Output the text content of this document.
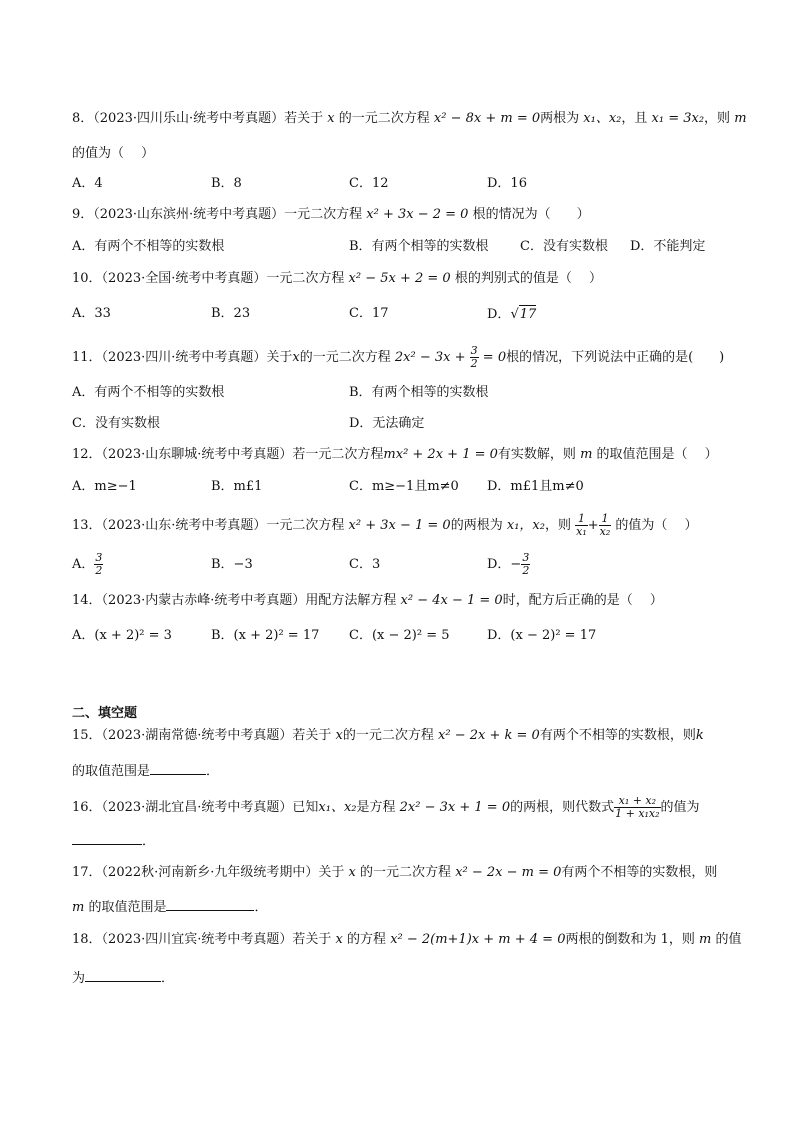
8．（2023·四川乐山·统考中考真题）若关于 x 的一元二次方程 x² − 8x + m = 0两根为 x₁、x₂，且 x₁ = 3x₂，则 m
的值为（　 ）
A．4	B．8	C．12	D．16
9．（2023·山东滨州·统考中考真题）一元二次方程 x² + 3x − 2 = 0 根的情况为（　　）
A．有两个不相等的实数根	B．有两个相等的实数根 C．没有实数根 D．不能判定
10．（2023·全国·统考中考真题）一元二次方程 x² − 5x + 2 = 0 根的判别式的值是（　 ）
A．33	B．23	C．17	D．√17
11．（2023·四川·统考中考真题）关于x的一元二次方程 $2x^2 - 3x + \frac{3}{2} = 0$根的情况，下列说法中正确的是(　　)
A．有两个不相等的实数根	B．有两个相等的实数根
C．没有实数根	D．无法确定
12．（2023·山东聊城·统考中考真题）若一元二次方程mx² + 2x + 1 = 0有实数解，则 m 的取值范围是（　 ）
A．m≥−1	B．m£1	C．m≥−1且m≠0 D．m£1且m≠0
13．（2023·山东·统考中考真题）一元二次方程 x² + 3x − 1 = 0的两根为 x₁，x₂，则 $\frac{1}{\text{x₁}} + \frac{1}{\text{x₂}}$ 的值为（　 ）
A． $\frac{3}{2}$	B．−3	C．3	D．− $\frac{3}{2}$
14．（2023·内蒙古赤峰·统考中考真题）用配方法解方程 x² − 4x − 1 = 0时，配方后正确的是（　 ）
A．(x + 2)² = 3	B．(x + 2)² = 17 C．(x − 2)² = 5	D．(x − 2)² = 17
二、填空题
15．（2023·湖南常德·统考中考真题）若关于 x的一元二次方程 x² − 2x + k = 0有两个不相等的实数根，则k
的取值范围是	．
16．（2023·湖北宜昌·统考中考真题）已知x₁、x₂是方程 2x² − 3x + 1 = 0的两根，则代数式 $\frac{\text{x₁ + x₂}}{\text{1 + x₁x₂}}$ 的值为
．
17．（2022秋·河南新乡·九年级统考期中）关于 x 的一元二次方程 x² − 2x − m = 0有两个不相等的实数根，则
m 的取值范围是	．
18．（2023·四川宜宾·统考中考真题）若关于 x 的方程 x² − 2(m+1)x + m + 4 = 0两根的倒数和为 1，则 m 的值
为	．
